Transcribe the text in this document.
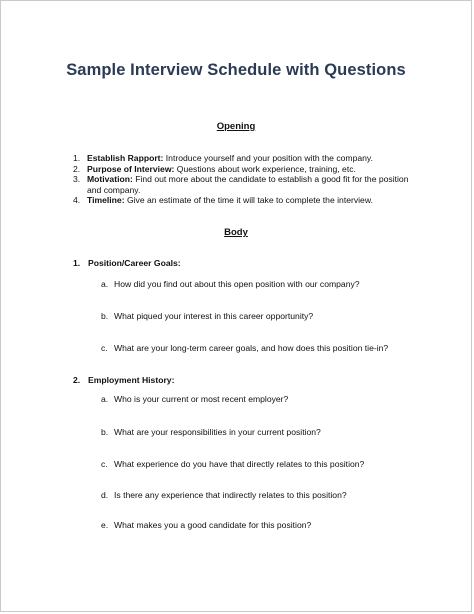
Sample Interview Schedule with Questions
Opening
1. Establish Rapport: Introduce yourself and your position with the company.
2. Purpose of Interview: Questions about work experience, training, etc.
3. Motivation: Find out more about the candidate to establish a good fit for the position and company.
4. Timeline: Give an estimate of the time it will take to complete the interview.
Body
1. Position/Career Goals:
a. How did you find out about this open position with our company?
b. What piqued your interest in this career opportunity?
c. What are your long-term career goals, and how does this position tie-in?
2. Employment History:
a. Who is your current or most recent employer?
b. What are your responsibilities in your current position?
c. What experience do you have that directly relates to this position?
d. Is there any experience that indirectly relates to this position?
e. What makes you a good candidate for this position?
